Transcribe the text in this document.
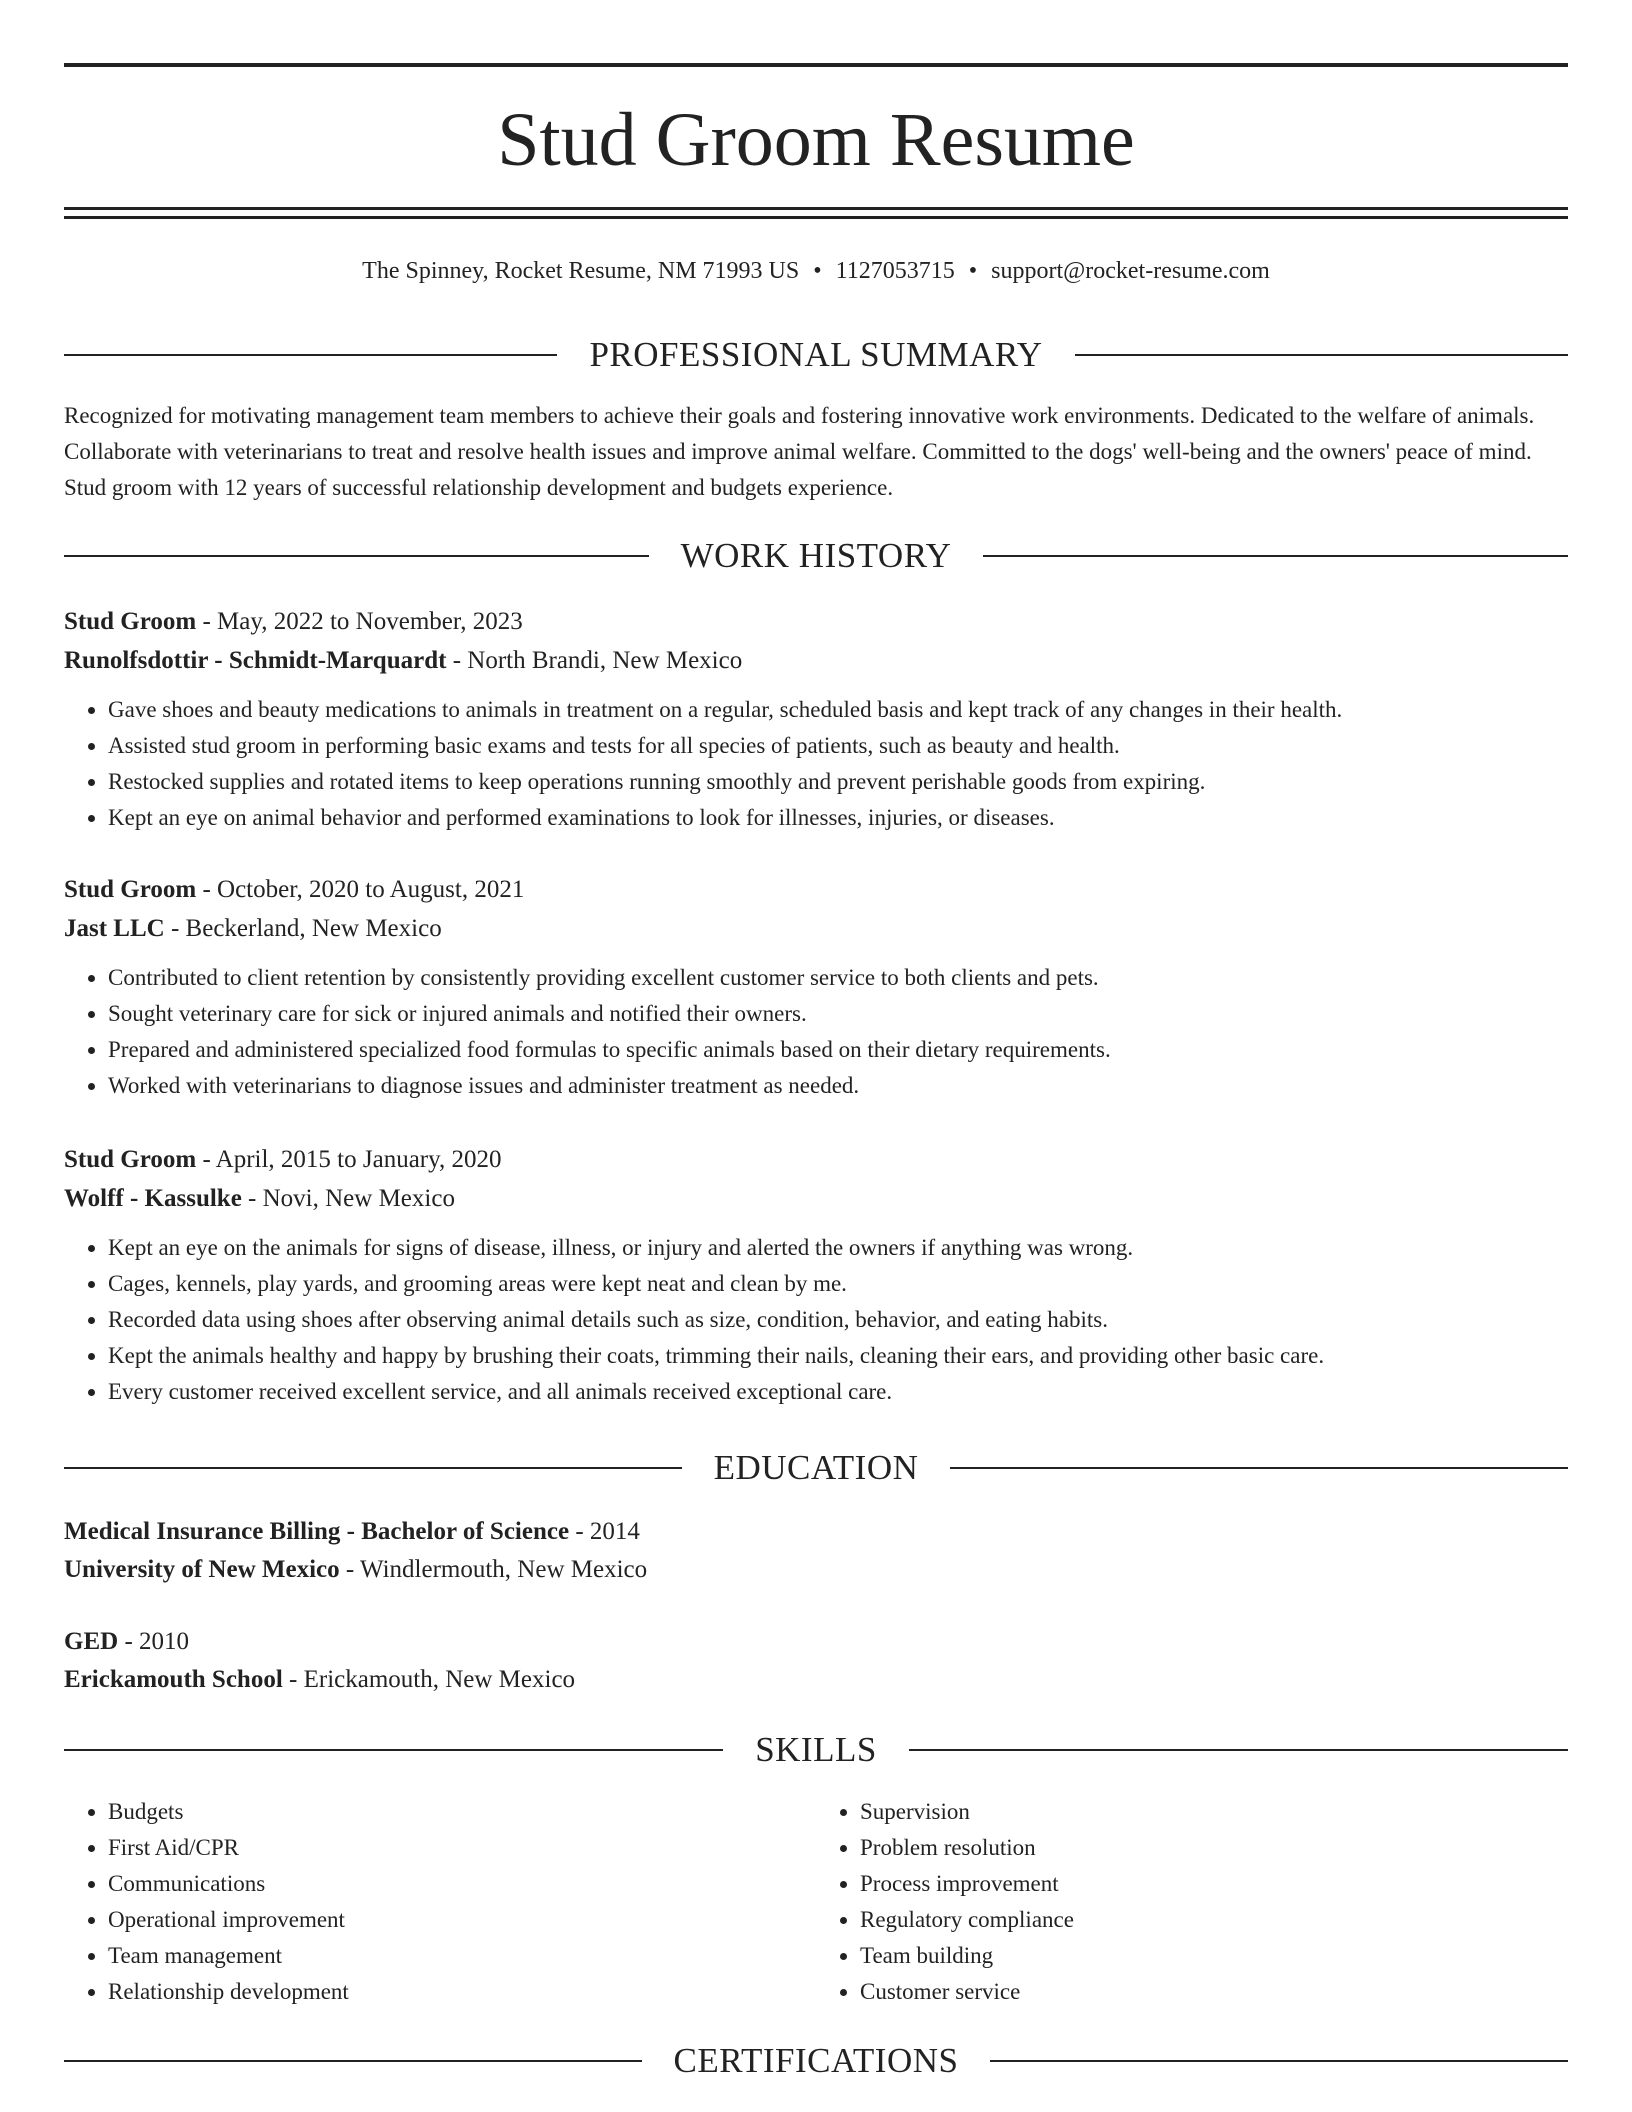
Stud Groom Resume
The Spinney, Rocket Resume, NM 71993 US • 1127053715 • support@rocket-resume.com
PROFESSIONAL SUMMARY
Recognized for motivating management team members to achieve their goals and fostering innovative work environments. Dedicated to the welfare of animals. Collaborate with veterinarians to treat and resolve health issues and improve animal welfare. Committed to the dogs' well-being and the owners' peace of mind. Stud groom with 12 years of successful relationship development and budgets experience.
WORK HISTORY
Stud Groom - May, 2022 to November, 2023
Runolfsdottir - Schmidt-Marquardt - North Brandi, New Mexico
• Gave shoes and beauty medications to animals in treatment on a regular, scheduled basis and kept track of any changes in their health.
• Assisted stud groom in performing basic exams and tests for all species of patients, such as beauty and health.
• Restocked supplies and rotated items to keep operations running smoothly and prevent perishable goods from expiring.
• Kept an eye on animal behavior and performed examinations to look for illnesses, injuries, or diseases.
Stud Groom - October, 2020 to August, 2021
Jast LLC - Beckerland, New Mexico
• Contributed to client retention by consistently providing excellent customer service to both clients and pets.
• Sought veterinary care for sick or injured animals and notified their owners.
• Prepared and administered specialized food formulas to specific animals based on their dietary requirements.
• Worked with veterinarians to diagnose issues and administer treatment as needed.
Stud Groom - April, 2015 to January, 2020
Wolff - Kassulke - Novi, New Mexico
• Kept an eye on the animals for signs of disease, illness, or injury and alerted the owners if anything was wrong.
• Cages, kennels, play yards, and grooming areas were kept neat and clean by me.
• Recorded data using shoes after observing animal details such as size, condition, behavior, and eating habits.
• Kept the animals healthy and happy by brushing their coats, trimming their nails, cleaning their ears, and providing other basic care.
• Every customer received excellent service, and all animals received exceptional care.
EDUCATION
Medical Insurance Billing - Bachelor of Science - 2014
University of New Mexico - Windlermouth, New Mexico
GED - 2010
Erickamouth School - Erickamouth, New Mexico
SKILLS
• Budgets
• First Aid/CPR
• Communications
• Operational improvement
• Team management
• Relationship development
• Supervision
• Problem resolution
• Process improvement
• Regulatory compliance
• Team building
• Customer service
CERTIFICATIONS
